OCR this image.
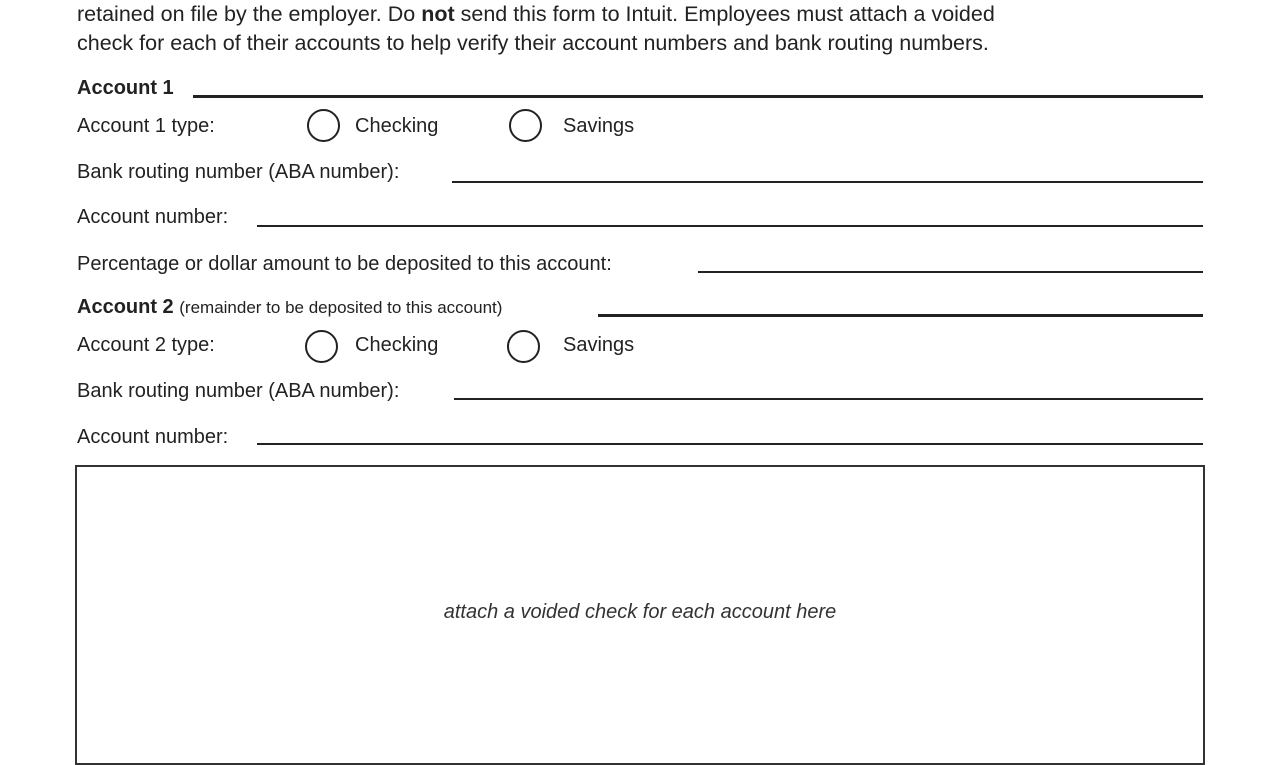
retained on file by the employer. Do not send this form to Intuit. Employees must attach a voided
check for each of their accounts to help verify their account numbers and bank routing numbers.
Account 1
Account 1 type:	Checking	Savings
Bank routing number (ABA number):
Account number:
Percentage or dollar amount to be deposited to this account:
Account 2 (remainder to be deposited to this account)
Account 2 type:	Checking	Savings
Bank routing number (ABA number):
Account number:
attach a voided check for each account here
